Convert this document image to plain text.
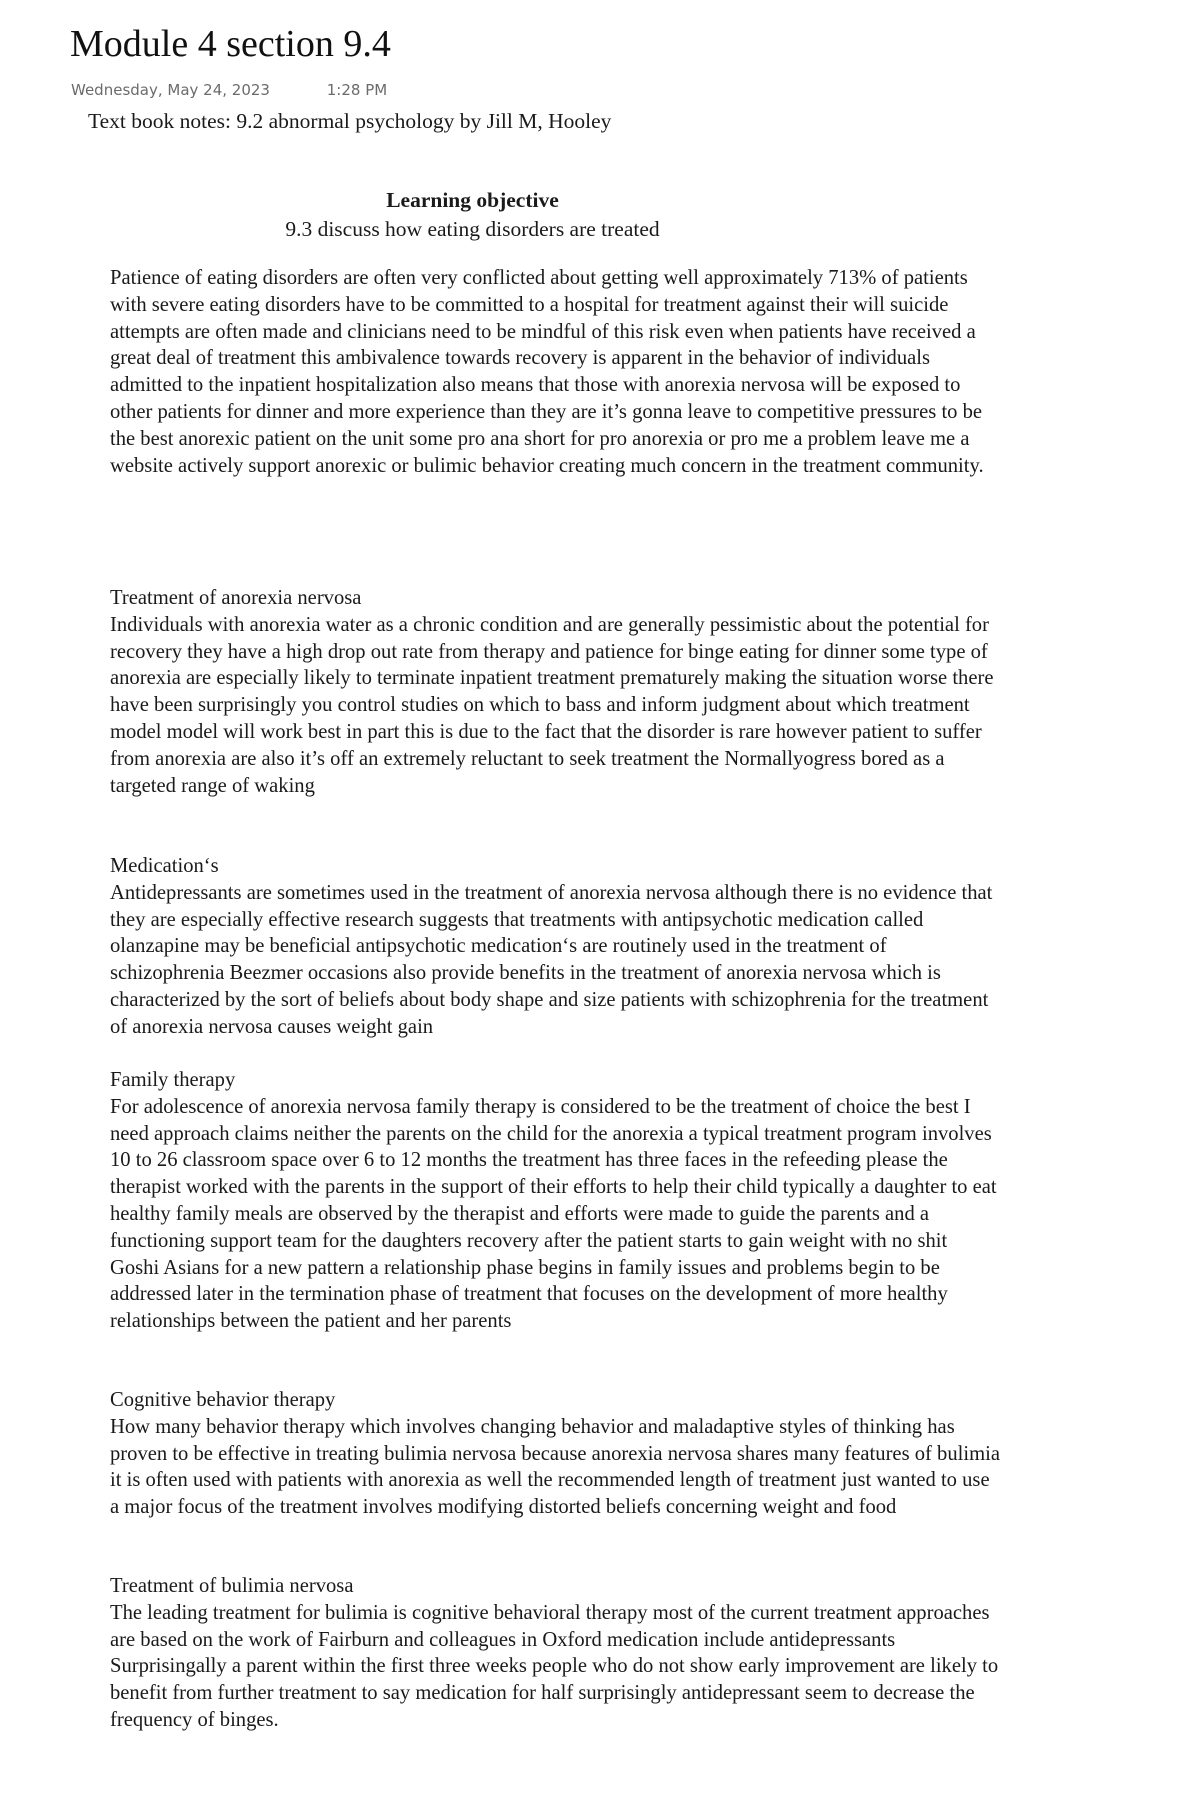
Module 4 section 9.4
Wednesday, May 24, 2023	1:28 PM

Text book notes: 9.2 abnormal psychology by Jill M, Hooley

Learning objective

9.3 discuss how eating disorders are treated

Patience of eating disorders are often very conflicted about getting well approximately 713% of patients with severe eating disorders have to be committed to a hospital for treatment against their will suicide attempts are often made and clinicians need to be mindful of this risk even when patients have received a great deal of treatment this ambivalence towards recovery is apparent in the behavior of individuals admitted to the inpatient hospitalization also means that those with anorexia nervosa will be exposed to other patients for dinner and more experience than they are it’s gonna leave to competitive pressures to be the best anorexic patient on the unit some pro ana short for pro anorexia or pro me a problem leave me a website actively support anorexic or bulimic behavior creating much concern in the treatment community.

Treatment of anorexia nervosa

Individuals with anorexia water as a chronic condition and are generally pessimistic about the potential for recovery they have a high drop out rate from therapy and patience for binge eating for dinner some type of anorexia are especially likely to terminate inpatient treatment prematurely making the situation worse there have been surprisingly you control studies on which to bass and inform judgment about which treatment model model will work best in part this is due to the fact that the disorder is rare however patient to suffer from anorexia are also it’s off an extremely reluctant to seek treatment the Normallyogress bored as a targeted range of waking

Medication‘s

Antidepressants are sometimes used in the treatment of anorexia nervosa although there is no evidence that they are especially effective research suggests that treatments with antipsychotic medication called olanzapine may be beneficial antipsychotic medication‘s are routinely used in the treatment of schizophrenia Beezmer occasions also provide benefits in the treatment of anorexia nervosa which is characterized by the sort of beliefs about body shape and size patients with schizophrenia for the treatment of anorexia nervosa causes weight gain

Family therapy

For adolescence of anorexia nervosa family therapy is considered to be the treatment of choice the best I need approach claims neither the parents on the child for the anorexia a typical treatment program involves 10 to 26 classroom space over 6 to 12 months the treatment has three faces in the refeeding please the therapist worked with the parents in the support of their efforts to help their child typically a daughter to eat healthy family meals are observed by the therapist and efforts were made to guide the parents and a functioning support team for the daughters recovery after the patient starts to gain weight with no shit Goshi Asians for a new pattern a relationship phase begins in family issues and problems begin to be addressed later in the termination phase of treatment that focuses on the development of more healthy relationships between the patient and her parents

Cognitive behavior therapy

How many behavior therapy which involves changing behavior and maladaptive styles of thinking has proven to be effective in treating bulimia nervosa because anorexia nervosa shares many features of bulimia it is often used with patients with anorexia as well the recommended length of treatment just wanted to use a major focus of the treatment involves modifying distorted beliefs concerning weight and food

Treatment of bulimia nervosa

The leading treatment for bulimia is cognitive behavioral therapy most of the current treatment approaches are based on the work of Fairburn and colleagues in Oxford medication include antidepressants Surprisingally a parent within the first three weeks people who do not show early improvement are likely to benefit from further treatment to say medication for half surprisingly antidepressant seem to decrease the frequency of binges.
